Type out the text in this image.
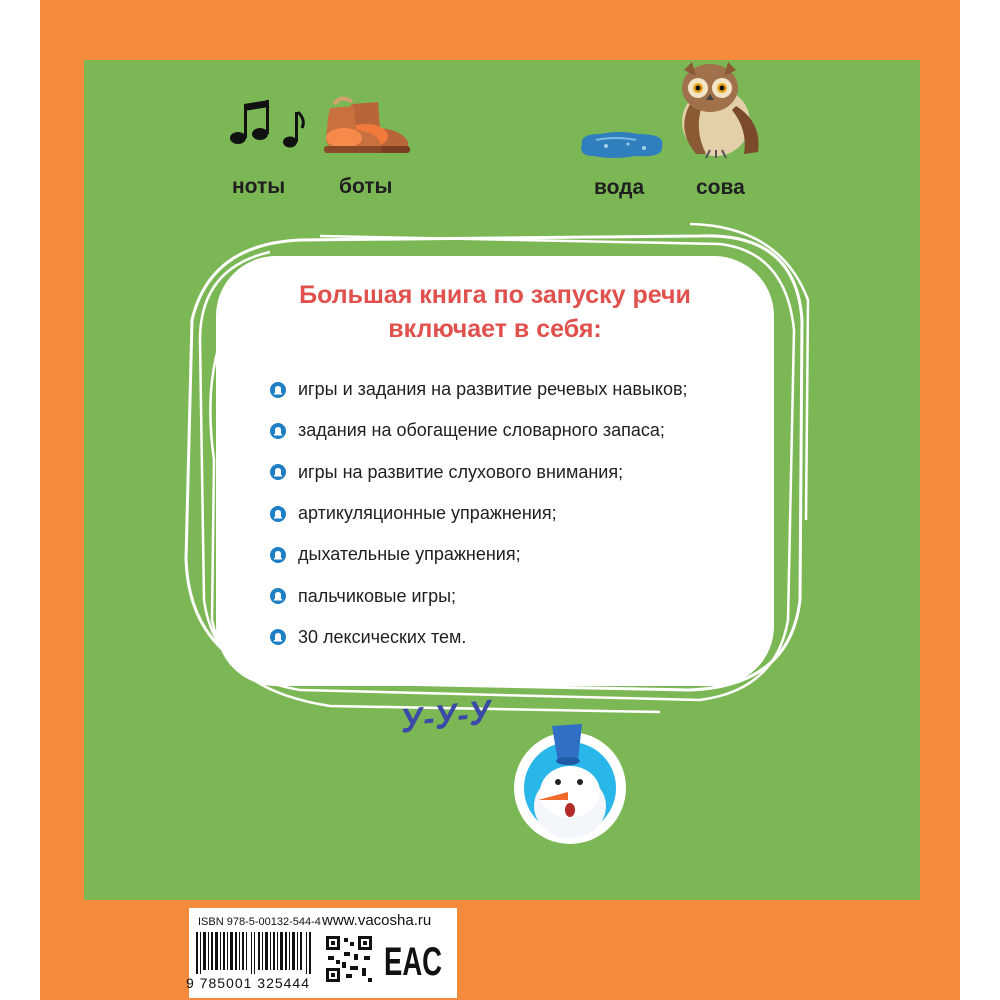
ноты	боты	вода сова
Большая книга по запуску речи
включает в себя:
игры и задания на развитие речевых навыков;
задания на обогащение словарного запаса;
игры на развитие слухового внимания;
артикуляционные упражнения;
дыхательные упражнения;
пальчиковые игры;
30 лексических тем.
У-У-У
ISBN 978-5-00132-544-4 www.vacosha.ru
9 785001 325444 EAC
